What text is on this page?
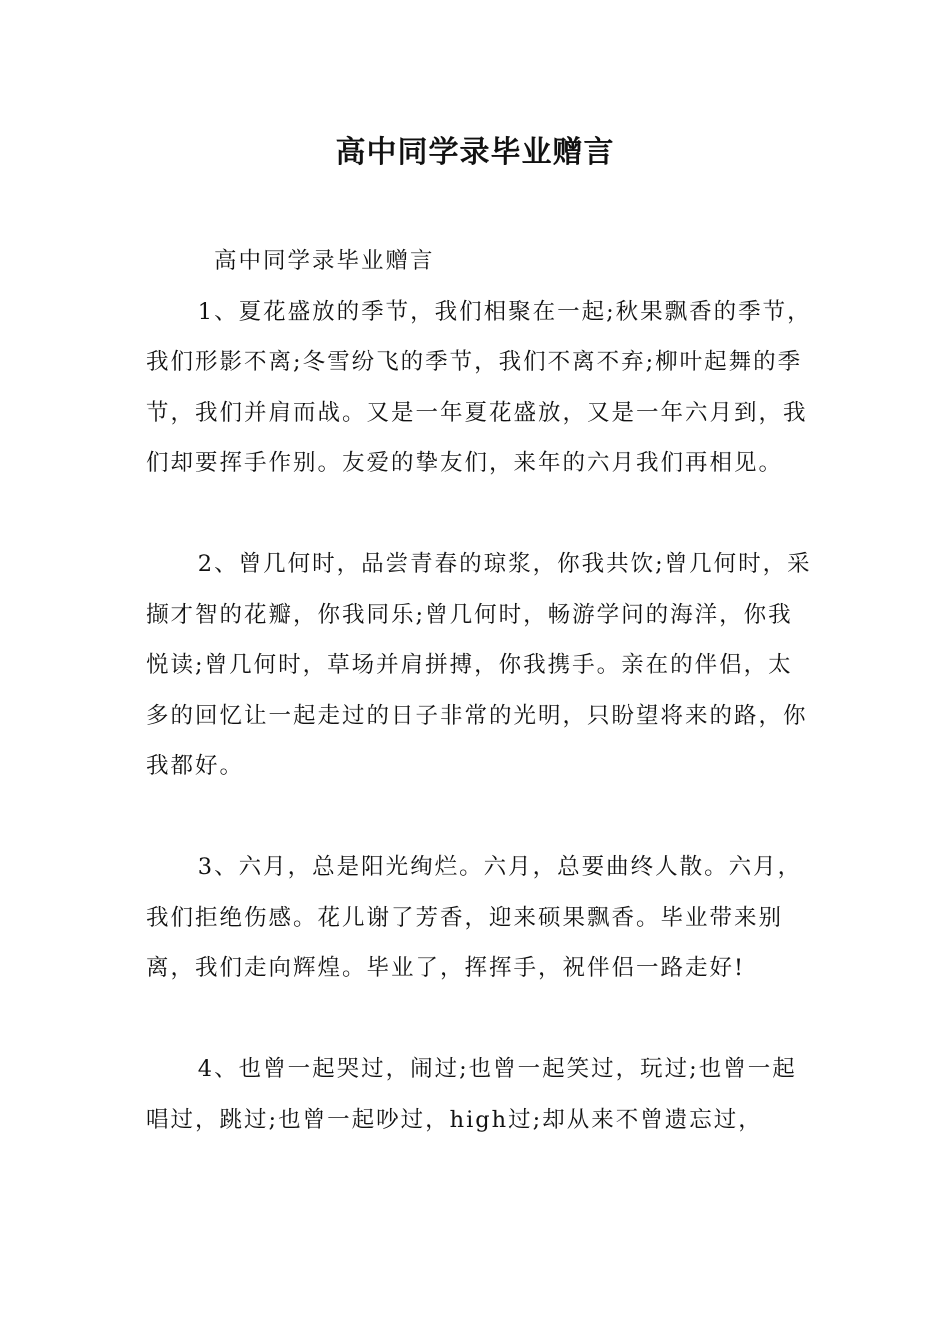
高中同学录毕业赠言

高中同学录毕业赠言

1、夏花盛放的季节，我们相聚在一起;秋果飘香的季节，我们形影不离;冬雪纷飞的季节，我们不离不弃;柳叶起舞的季节，我们并肩而战。又是一年夏花盛放，又是一年六月到，我们却要挥手作别。友爱的挚友们，来年的六月我们再相见。

2、曾几何时，品尝青春的琼浆，你我共饮;曾几何时，采撷才智的花瓣，你我同乐;曾几何时，畅游学问的海洋，你我悦读;曾几何时，草场并肩拼搏，你我携手。亲在的伴侣，太多的回忆让一起走过的日子非常的光明，只盼望将来的路，你我都好。

3、六月，总是阳光绚烂。六月，总要曲终人散。六月，我们拒绝伤感。花儿谢了芳香，迎来硕果飘香。毕业带来别离，我们走向辉煌。毕业了，挥挥手，祝伴侣一路走好!

4、也曾一起哭过，闹过;也曾一起笑过，玩过;也曾一起唱过，跳过;也曾一起吵过，high过;却从来不曾遗忘过，
